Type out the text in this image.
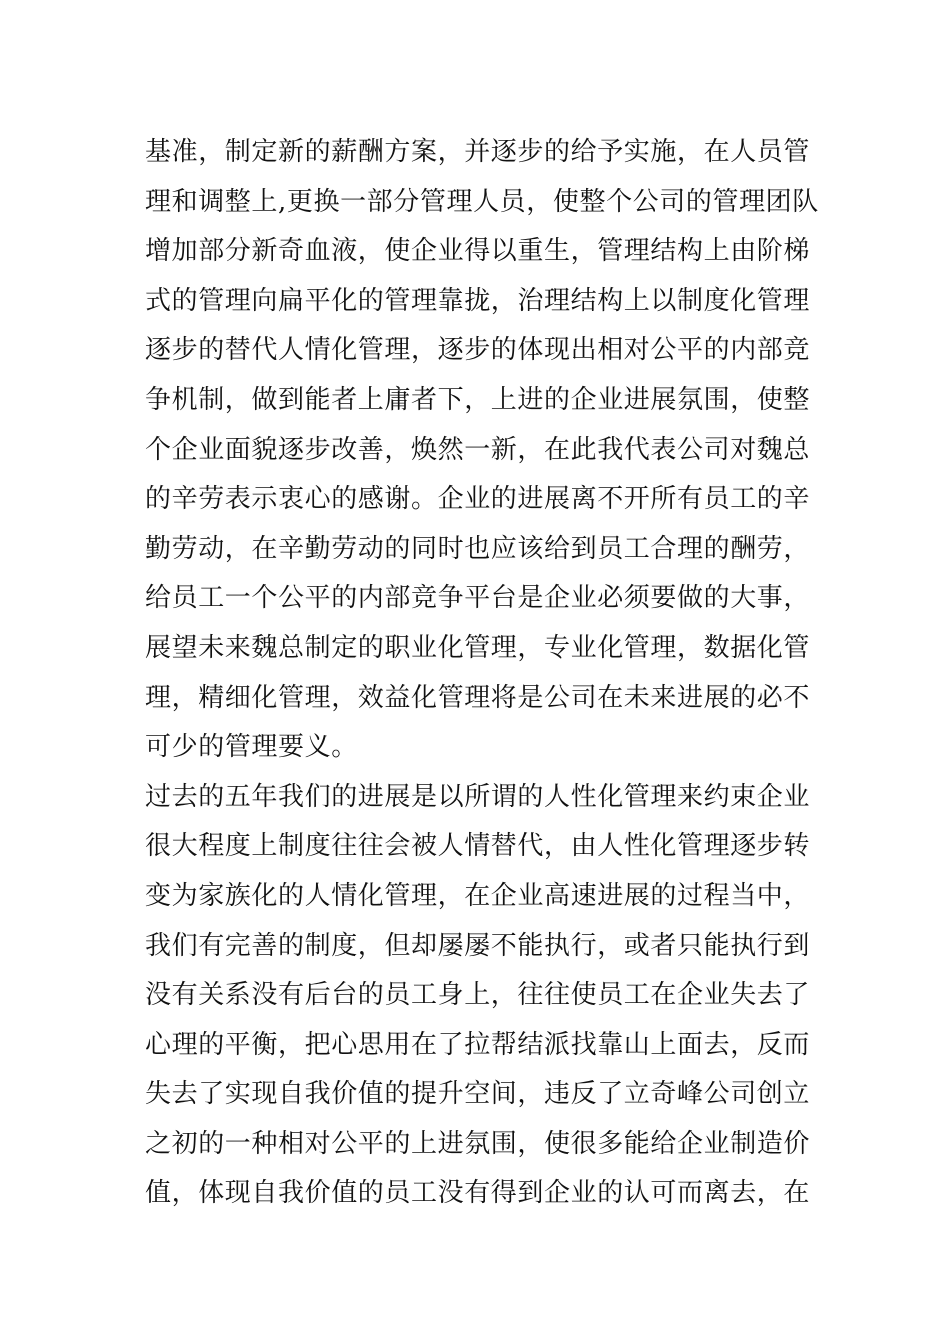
基准，制定新的薪酬方案，并逐步的给予实施，在人员管
理和调整上,更换一部分管理人员，使整个公司的管理团队
增加部分新奇血液，使企业得以重生，管理结构上由阶梯
式的管理向扁平化的管理靠拢，治理结构上以制度化管理
逐步的替代人情化管理，逐步的体现出相对公平的内部竞
争机制，做到能者上庸者下，上进的企业进展氛围，使整
个企业面貌逐步改善，焕然一新，在此我代表公司对魏总
的辛劳表示衷心的感谢。企业的进展离不开所有员工的辛
勤劳动，在辛勤劳动的同时也应该给到员工合理的酬劳，
给员工一个公平的内部竞争平台是企业必须要做的大事，
展望未来魏总制定的职业化管理，专业化管理，数据化管
理，精细化管理，效益化管理将是公司在未来进展的必不
可少的管理要义。
过去的五年我们的进展是以所谓的人性化管理来约束企业
很大程度上制度往往会被人情替代，由人性化管理逐步转
变为家族化的人情化管理，在企业高速进展的过程当中，
我们有完善的制度，但却屡屡不能执行，或者只能执行到
没有关系没有后台的员工身上，往往使员工在企业失去了
心理的平衡，把心思用在了拉帮结派找靠山上面去，反而
失去了实现自我价值的提升空间，违反了立奇峰公司创立
之初的一种相对公平的上进氛围，使很多能给企业制造价
值，体现自我价值的员工没有得到企业的认可而离去，在
